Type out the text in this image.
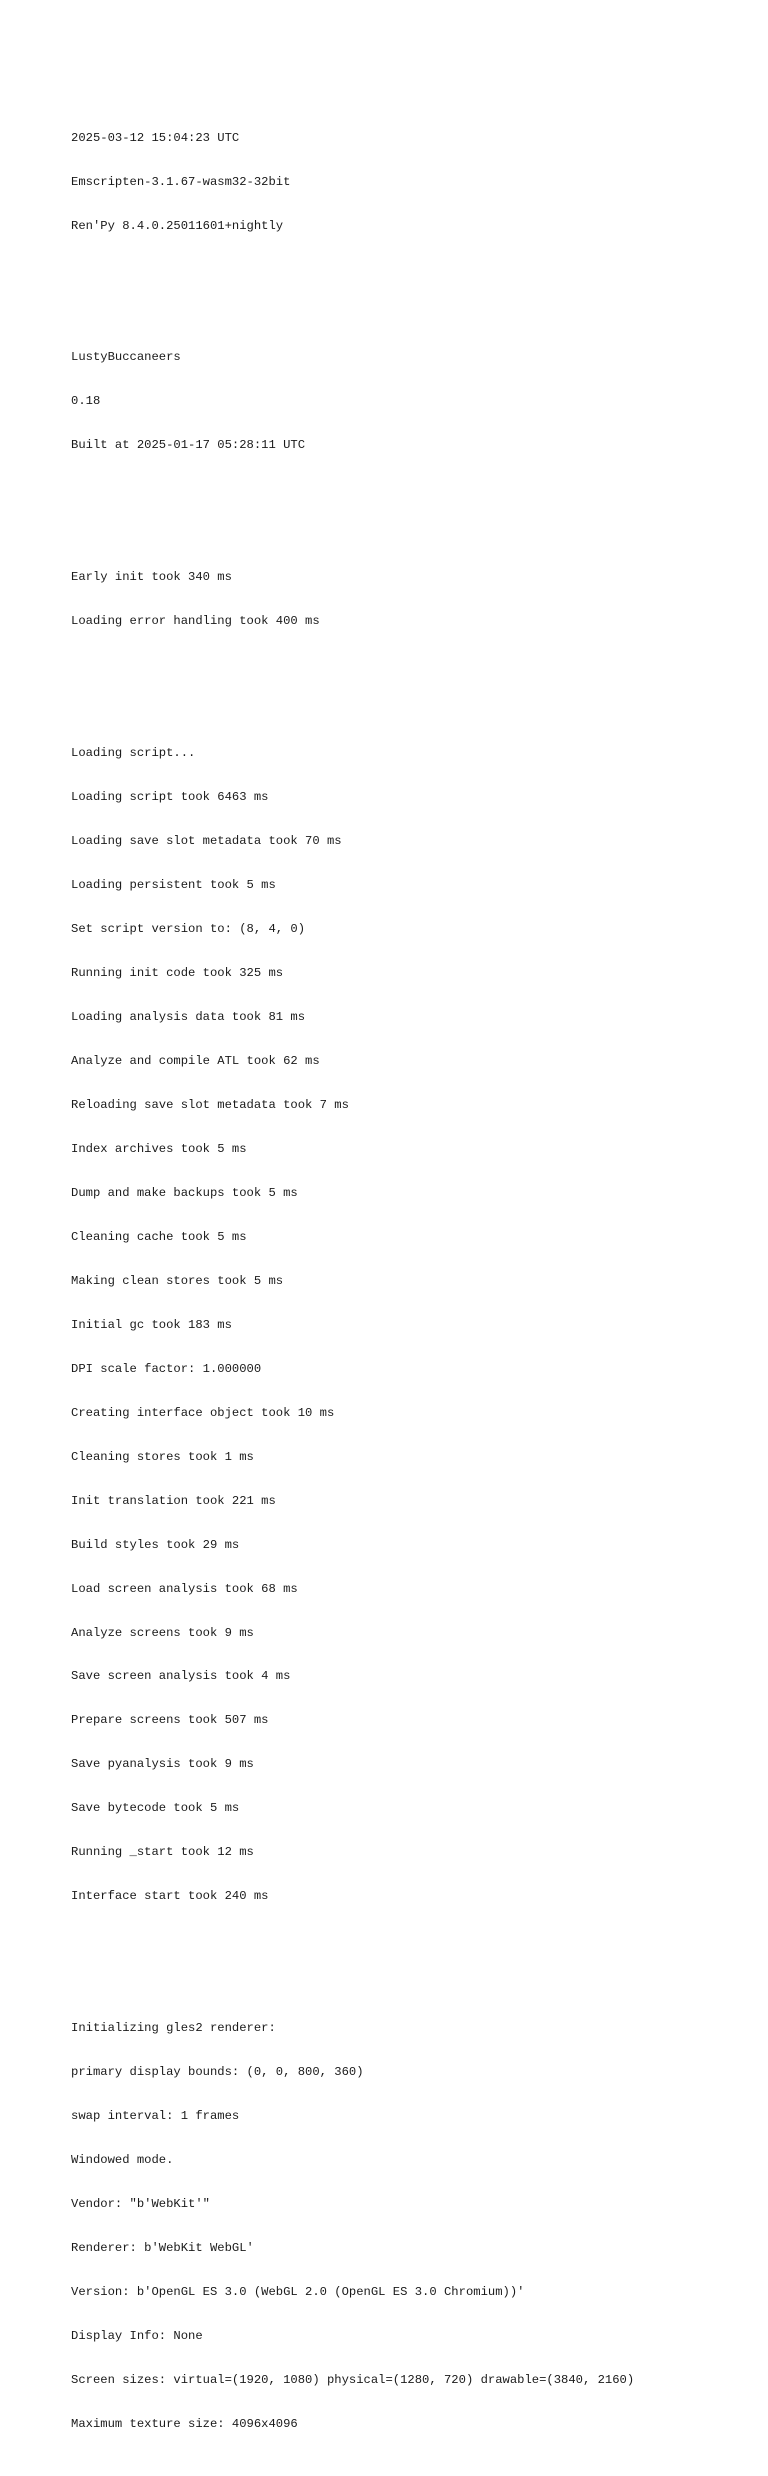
2025-03-12 15:04:23 UTC

Emscripten-3.1.67-wasm32-32bit

Ren'Py 8.4.0.25011601+nightly

LustyBuccaneers

0.18

Built at 2025-01-17 05:28:11 UTC

Early init took 340 ms

Loading error handling took 400 ms

Loading script...

Loading script took 6463 ms

Loading save slot metadata took 70 ms

Loading persistent took 5 ms

Set script version to: (8, 4, 0)

Running init code took 325 ms

Loading analysis data took 81 ms

Analyze and compile ATL took 62 ms

Reloading save slot metadata took 7 ms

Index archives took 5 ms

Dump and make backups took 5 ms

Cleaning cache took 5 ms

Making clean stores took 5 ms

Initial gc took 183 ms

DPI scale factor: 1.000000

Creating interface object took 10 ms

Cleaning stores took 1 ms

Init translation took 221 ms

Build styles took 29 ms

Load screen analysis took 68 ms

Analyze screens took 9 ms

Save screen analysis took 4 ms

Prepare screens took 507 ms

Save pyanalysis took 9 ms

Save bytecode took 5 ms

Running _start took 12 ms

Interface start took 240 ms

Initializing gles2 renderer:

primary display bounds: (0, 0, 800, 360)

swap interval: 1 frames

Windowed mode.

Vendor: "b'WebKit'"

Renderer: b'WebKit WebGL'

Version: b'OpenGL ES 3.0 (WebGL 2.0 (OpenGL ES 3.0 Chromium))'

Display Info: None

Screen sizes: virtual=(1920, 1080) physical=(1280, 720) drawable=(3840, 2160)

Maximum texture size: 4096x4096
